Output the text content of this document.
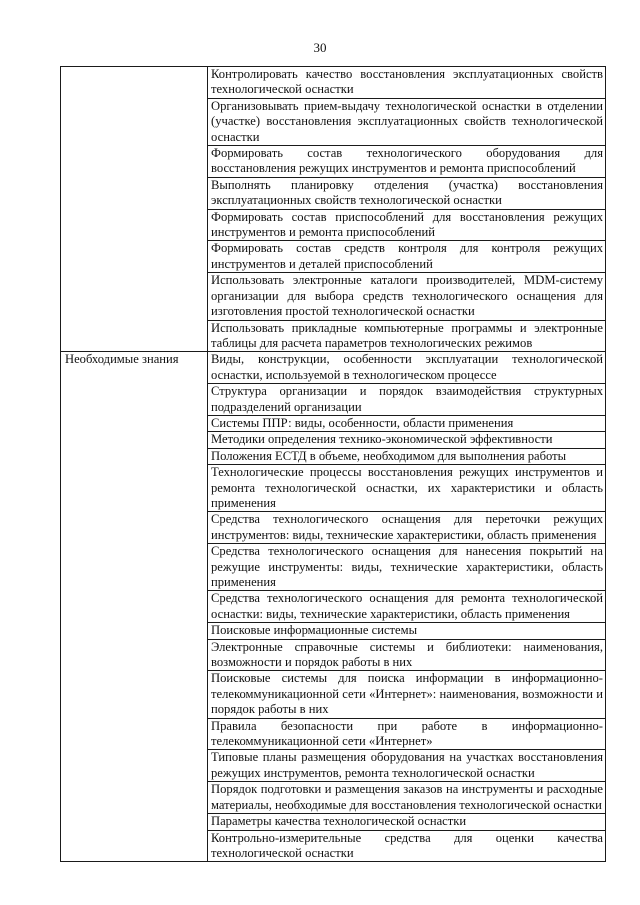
30
	Контролировать качество восстановления эксплуатационных свойств технологической оснастки
	Организовывать прием-выдачу технологической оснастки в отделении (участке) восстановления эксплуатационных свойств технологической оснастки
	Формировать состав технологического оборудования для восстановления режущих инструментов и ремонта приспособлений
	Выполнять планировку отделения (участка) восстановления эксплуатационных свойств технологической оснастки
	Формировать состав приспособлений для восстановления режущих инструментов и ремонта приспособлений
	Формировать состав средств контроля для контроля режущих инструментов и деталей приспособлений
	Использовать электронные каталоги производителей, MDM-систему организации для выбора средств технологического оснащения для изготовления простой технологической оснастки
	Использовать прикладные компьютерные программы и электронные таблицы для расчета параметров технологических режимов
Необходимые знания	Виды, конструкции, особенности эксплуатации технологической оснастки, используемой в технологическом процессе
	Структура организации и порядок взаимодействия структурных подразделений организации
	Системы ППР: виды, особенности, области применения
	Методики определения технико-экономической эффективности
	Положения ЕСТД в объеме, необходимом для выполнения работы
	Технологические процессы восстановления режущих инструментов и ремонта технологической оснастки, их характеристики и область применения
	Средства технологического оснащения для переточки режущих инструментов: виды, технические характеристики, область применения
	Средства технологического оснащения для нанесения покрытий на режущие инструменты: виды, технические характеристики, область применения
	Средства технологического оснащения для ремонта технологической оснастки: виды, технические характеристики, область применения
	Поисковые информационные системы
	Электронные справочные системы и библиотеки: наименования, возможности и порядок работы в них
	Поисковые системы для поиска информации в информационно-телекоммуникационной сети «Интернет»: наименования, возможности и порядок работы в них
	Правила безопасности при работе в информационно-телекоммуникационной сети «Интернет»
	Типовые планы размещения оборудования на участках восстановления режущих инструментов, ремонта технологической оснастки
	Порядок подготовки и размещения заказов на инструменты и расходные материалы, необходимые для восстановления технологической оснастки
	Параметры качества технологической оснастки
	Контрольно-измерительные средства для оценки качества технологической оснастки
